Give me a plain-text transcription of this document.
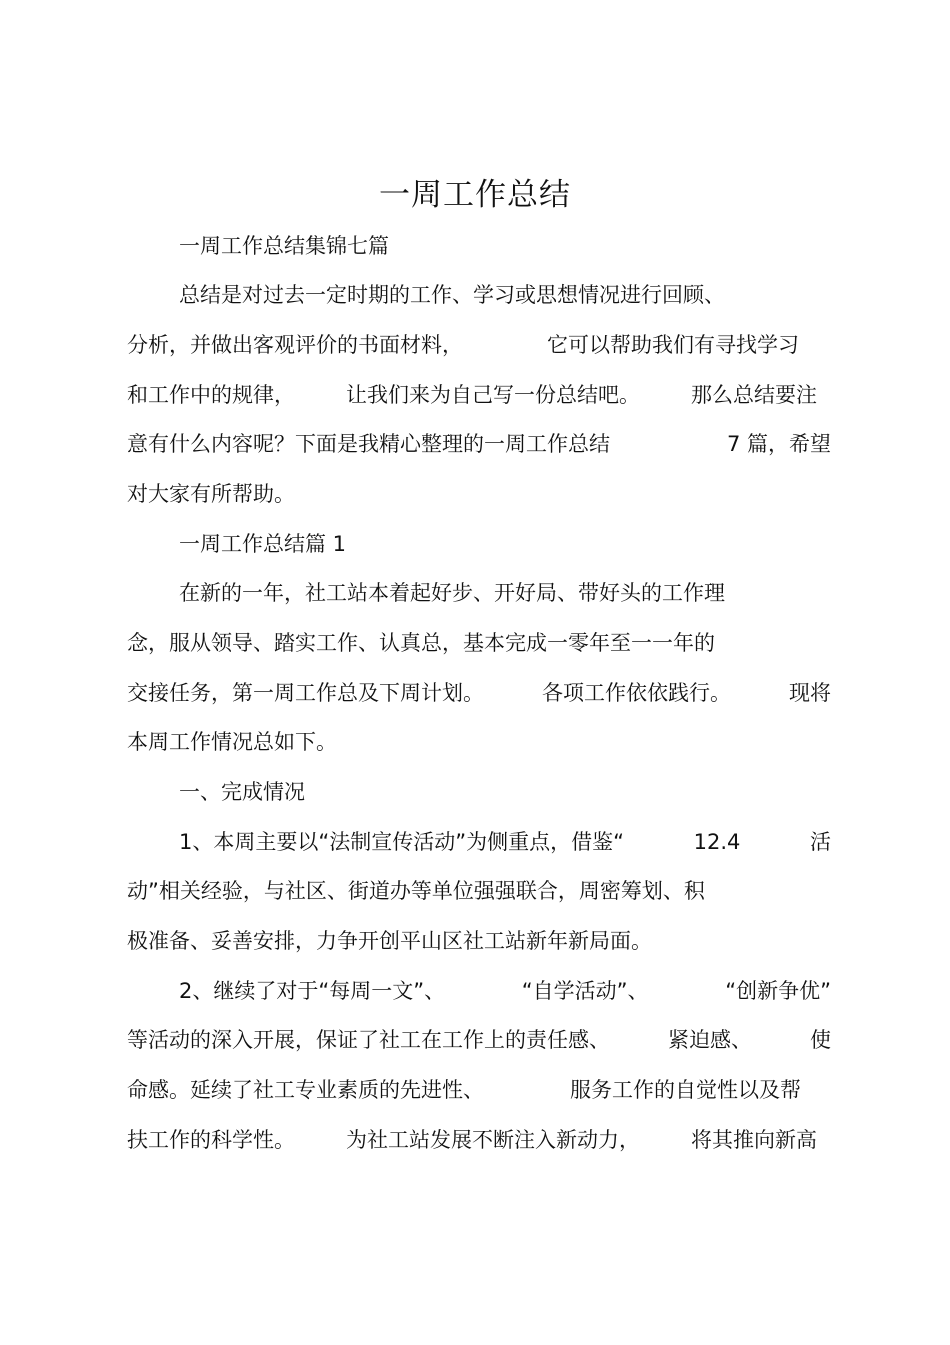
一周工作总结
一周工作总结集锦七篇
总结是对过去一定时期的工作、学习或思想情况进行回顾、
分析，并做出客观评价的书面材料，	它可以帮助我们有寻找学习
和工作中的规律， 让我们来为自己写一份总结吧。 那么总结要注
意有什么内容呢？下面是我精心整理的一周工作总结	7 篇，希望
对大家有所帮助。
一周工作总结篇 1
在新的一年，社工站本着起好步、开好局、带好头的工作理
念，服从领导、踏实工作、认真总，基本完成一零年至一一年的
交接任务，第一周工作总及下周计划。	各项工作依依践行。	现将
本周工作情况总如下。
一、完成情况
1、本周主要以“法制宣传活动”为侧重点，借鉴“	12.4	活
动”相关经验，与社区、街道办等单位强强联合，周密筹划、积
极准备、妥善安排，力争开创平山区社工站新年新局面。
2、继续了对于“每周一文”、	“自学活动”、	“创新争优”
等活动的深入开展，保证了社工在工作上的责任感、	紧迫感、	使
命感。延续了社工专业素质的先进性、	服务工作的自觉性以及帮
扶工作的科学性。 为社工站发展不断注入新动力， 将其推向新高
